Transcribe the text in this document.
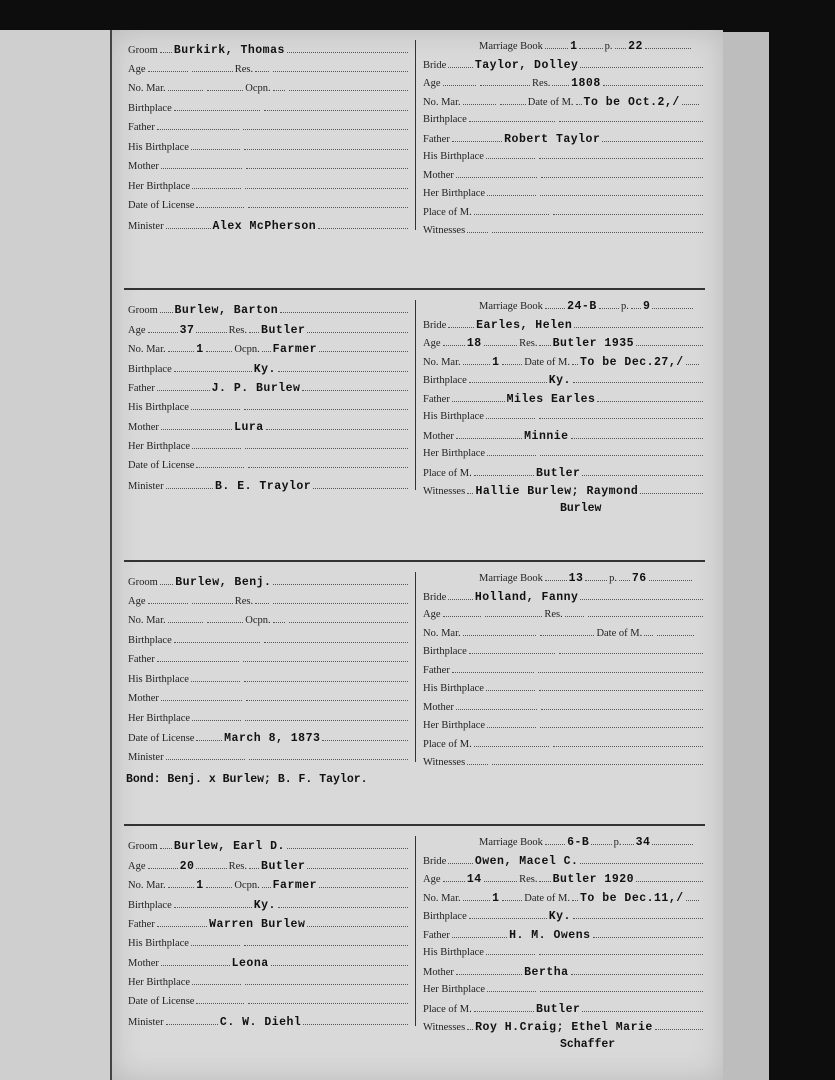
Groom Burkirk, Thomas
Age	Res.
No. Mar.	Ocpn.
Birthplace
Father
His Birthplace
Mother
Her Birthplace
Date of License
Minister	Alex McPherson
Marriage Book 1	p. 22
Bride Taylor, Dolley
Age	Res. 1808
No. Mar.	Date of M. To be Oct.2,/
Birthplace
Father	Robert Taylor
His Birthplace
Mother
Her Birthplace
Place of M.
Witnesses
Groom Burlew, Barton
Age	37	Res. Butler
No. Mar.	1	Ocpn. Farmer
Birthplace	Ky.
Father	J. P. Burlew
His Birthplace
Mother	Lura
Her Birthplace
Date of License
Minister	B. E. Traylor
Marriage Book 24-B p. 9
Bride	Earles, Helen
Age 18	Res. Butler 1935
No. Mar.	1 Date of M. To be Dec.27,/
Birthplace	Ky.
Father	Miles Earles
His Birthplace
Mother	Minnie
Her Birthplace
Place of M.	Butler
Witnesses Hallie Burlew; Raymond
Burlew
Groom Burlew, Benj.
Age	Res.
No. Mar.	Ocpn.
Birthplace
Father
His Birthplace
Mother
Her Birthplace
Date of License	March 8, 1873
Minister
Bond: Benj. x Burlew; B. F. Taylor.
Marriage Book 13 p. 76
Bride Holland, Fanny
Age	Res.
No. Mar.	Date of M.
Birthplace
Father
His Birthplace
Mother
Her Birthplace
Place of M.
Witnesses
Groom Burlew, Earl D.
Age	20	Res. Butler
No. Mar.	1	Ocpn. Farmer
Birthplace	Ky.
Father	Warren Burlew
His Birthplace
Mother	Leona
Her Birthplace
Date of License
Minister	C. W. Diehl
Marriage Book 6-B p. 34
Bride Owen, Macel C.
Age 14	Res. Butler 1920
No. Mar.	1 Date of M. To be Dec.11,/
Birthplace	Ky.
Father	H. M. Owens
His Birthplace
Mother	Bertha
Her Birthplace
Place of M.	Butler
Witnesses Roy H.Craig; Ethel Marie
Schaffer
